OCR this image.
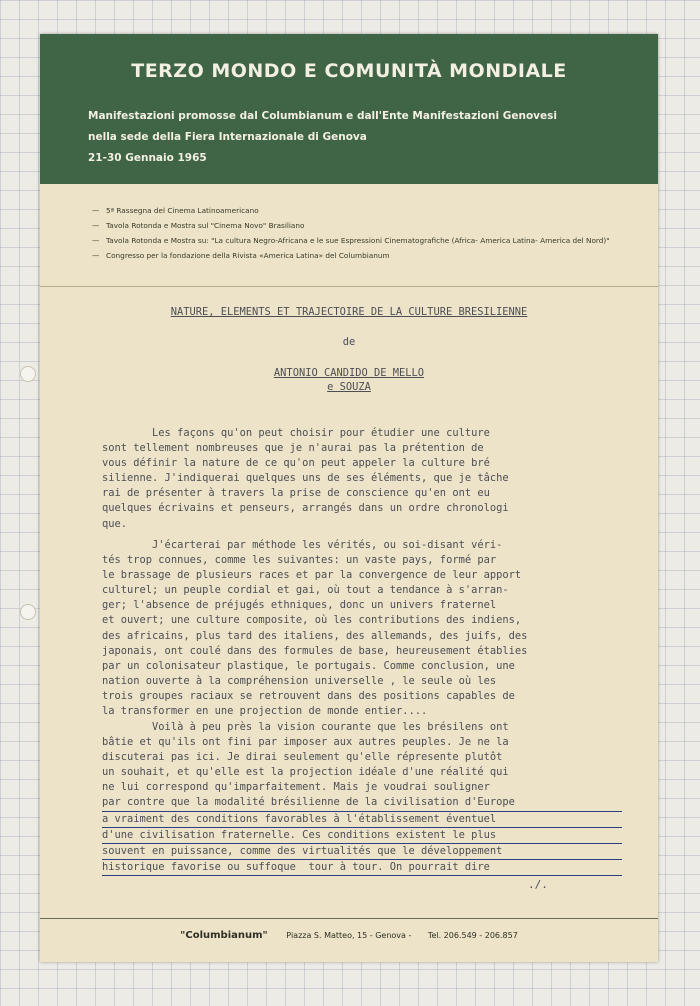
TERZO MONDO E COMUNITÀ MONDIALE
Manifestazioni promosse dal Columbianum e dall'Ente Manifestazioni Genovesi
nella sede della Fiera Internazionale di Genova
21-30 Gennaio 1965
— 5ª Rassegna del Cinema Latinoamericano
— Tavola Rotonda e Mostra sul "Cinema Novo" Brasiliano
— Tavola Rotonda e Mostra su: "La cultura Negro-Africana e le sue Espressioni Cinematografiche (Africa- America Latina- America del Nord)"
— Congresso per la fondazione della Rivista «America Latina» del Columbianum
NATURE, ELEMENTS ET TRAJECTOIRE DE LA CULTURE BRESILIENNE
de
ANTONIO CANDIDO DE MELLO
e SOUZA
Les façons qu'on peut choisir pour étudier une culture
sont tellement nombreuses que je n'aurai pas la prétention de
vous définir la nature de ce qu'on peut appeler la culture bré
silienne. J'indiquerai quelques uns de ses éléments, que je tâche
rai de présenter à travers la prise de conscience qu'en ont eu
quelques écrivains et penseurs, arrangés dans un ordre chronologi
que.
J'écarterai par méthode les vérités, ou soi-disant véri-
tés trop connues, comme les suivantes: un vaste pays, formé par
le brassage de plusieurs races et par la convergence de leur apport
culturel; un peuple cordial et gai, où tout a tendance à s'arran-
ger; l'absence de préjugés ethniques, donc un univers fraternel
et ouvert; une culture composite, où les contributions des indiens,
des africains, plus tard des italiens, des allemands, des juifs, des
japonais, ont coulé dans des formules de base, heureusement établies
par un colonisateur plastique, le portugais. Comme conclusion, une
nation ouverte à la compréhension universelle , le seule où les
trois groupes raciaux se retrouvent dans des positions capables de
la transformer en une projection de monde entier....
Voilà à peu près la vision courante que les brésilens ont
bâtie et qu'ils ont fini par imposer aux autres peuples. Je ne la
discuterai pas ici. Je dirai seulement qu'elle répresente plutôt
un souhait, et qu'elle est la projection idéale d'une réalité qui
ne lui correspond qu'imparfaitement. Mais je voudrai souligner
par contre que la modalité brésilienne de la civilisation d'Europe
a vraiment des conditions favorables à l'établissement éventuel
d'une civilisation fraternelle. Ces conditions existent le plus
souvent en puissance, comme des virtualités que le développement
historique favorise ou suffoque  tour à tour. On pourrait dire
./.
"Columbianum" Piazza S. Matteo, 15 - Genova - Tel. 206.549 - 206.857
